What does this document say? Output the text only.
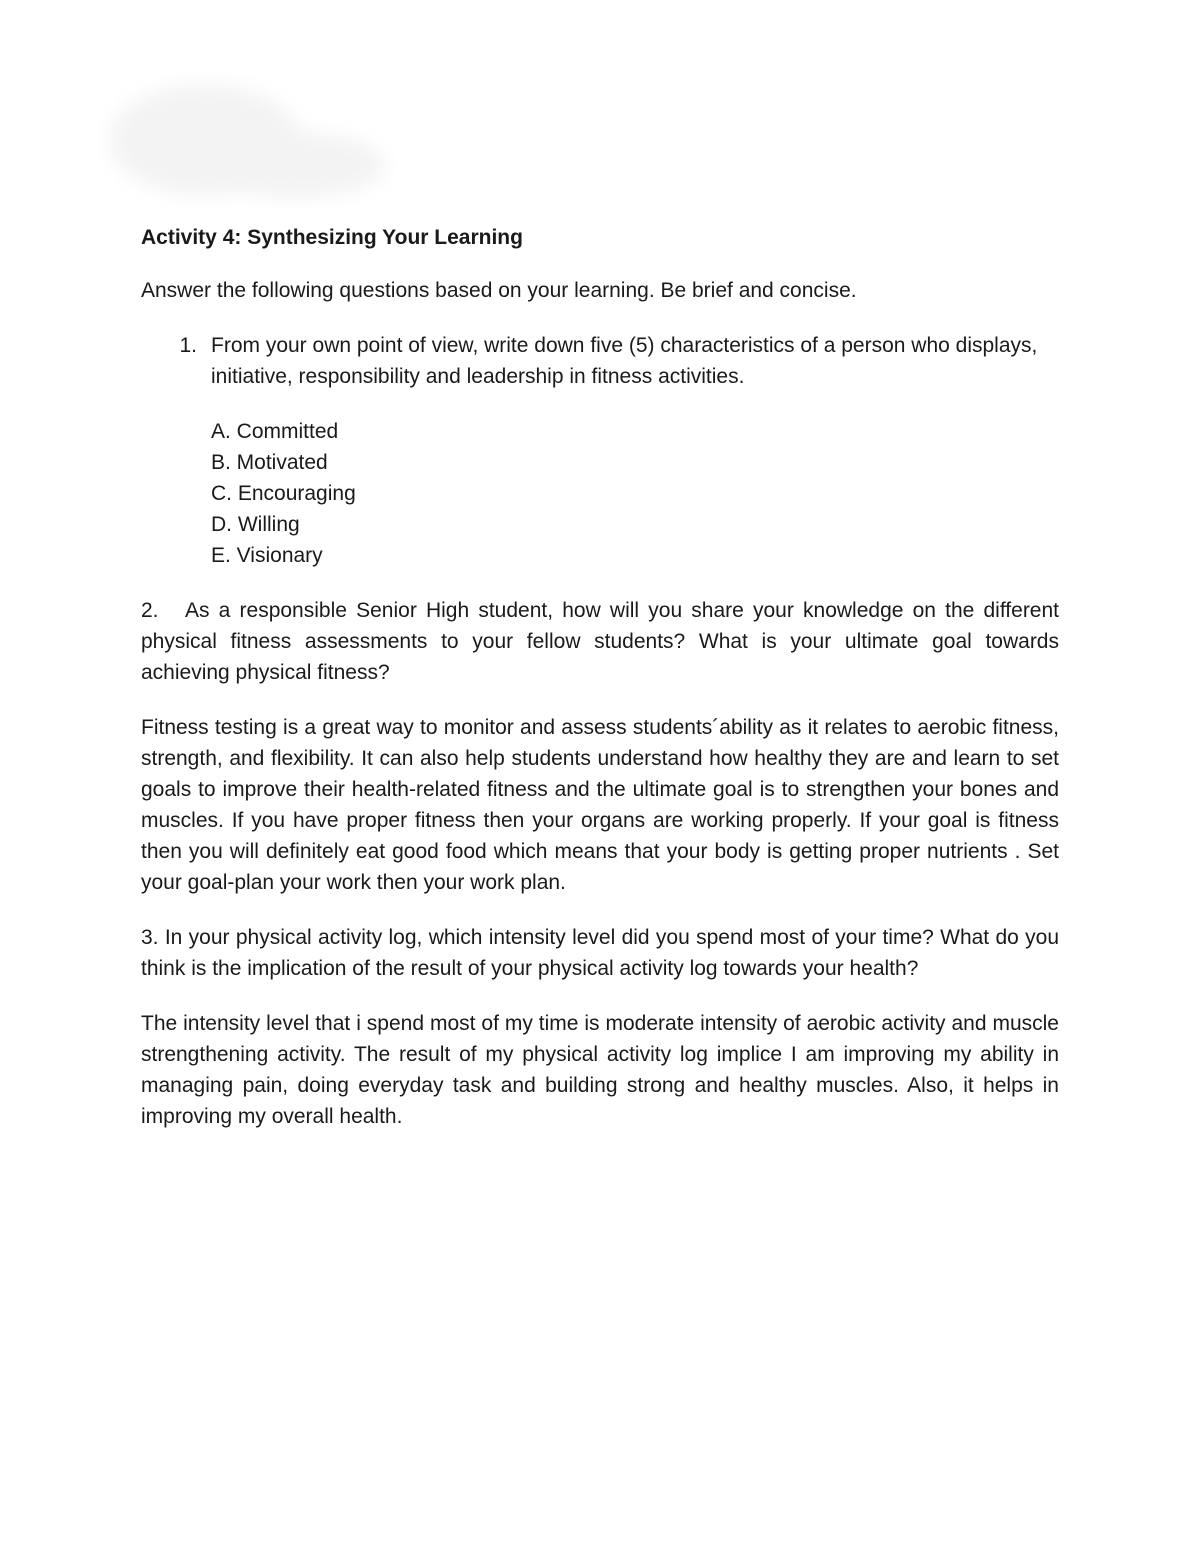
Activity 4: Synthesizing Your Learning

Answer the following questions based on your learning. Be brief and concise.

1. From your own point of view, write down five (5) characteristics of a person who displays, initiative, responsibility and leadership in fitness activities.
A. Committed
B. Motivated
C. Encouraging
D. Willing
E. Visionary

2. As a responsible Senior High student, how will you share your knowledge on the different physical fitness assessments to your fellow students? What is your ultimate goal towards achieving physical fitness?

Fitness testing is a great way to monitor and assess students´ability as it relates to aerobic fitness, strength, and flexibility. It can also help students understand how healthy they are and learn to set goals to improve their health-related fitness and the ultimate goal is to strengthen your bones and muscles. If you have proper fitness then your organs are working properly. If your goal is fitness then you will definitely eat good food which means that your body is getting proper nutrients . Set your goal-plan your work then your work plan.

3. In your physical activity log, which intensity level did you spend most of your time? What do you think is the implication of the result of your physical activity log towards your health?

The intensity level that i spend most of my time is moderate intensity of aerobic activity and muscle strengthening activity. The result of my physical activity log implice I am improving my ability in managing pain, doing everyday task and building strong and healthy muscles. Also, it helps in improving my overall health.
